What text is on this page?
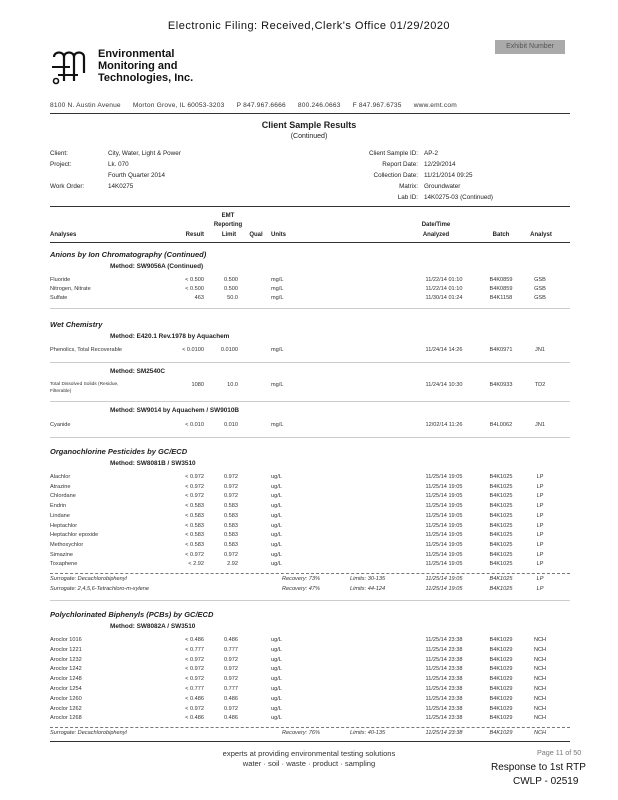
Electronic Filing: Received,Clerk's Office 01/29/2020
Exhibit Number
Environmental
Monitoring and
Technologies, Inc.
8100 N. Austin Avenue Morton Grove, IL 60053-3203 P 847.967.6666 800.246.0663 F 847.967.6735 www.emt.com
Client Sample Results
(Continued)
Client:	City, Water, Light & Power
Project:	Lk. 070
Fourth Quarter 2014
Work Order:	14K0275
Client Sample ID: AP-2
Report Date: 12/29/2014
Collection Date: 11/21/2014 09:25
Matrix: Groundwater
Lab ID: 14K0275-03 (Continued)
EMT
Reporting	Date/Time
Analyses	Result	Limit	Qual	Units	Analyzed	Batch	Analyst
Anions by Ion Chromatography (Continued)
Method: SW9056A (Continued)
Fluoride	< 0.500	0.500	mg/L	11/22/14 01:10	B4K0859	GSB
Nitrogen, Nitrate	< 0.500	0.500	mg/L	11/22/14 01:10	B4K0859	GSB
Sulfate	463	50.0	mg/L	11/30/14 01:24	B4K1158	GSB
Wet Chemistry
Method: E420.1 Rev.1978 by Aquachem
Phenolics, Total Recoverable	< 0.0100	0.0100	mg/L	11/24/14 14:26	B4K0971	JN1
Method: SM2540C
Total Dissolved Solids (Residue,
Filterable)
1080	10.0	mg/L	11/24/14 10:30	B4K0933	TD2
Method: SW9014 by Aquachem / SW9010B
Cyanide	< 0.010	0.010	mg/L	12/02/14 11:26	B4L0062	JN1
Organochlorine Pesticides by GC/ECD
Method: SW8081B / SW3510
Alachlor	< 0.972	0.972	ug/L	11/25/14 19:05	B4K1025	LP
Atrazine	< 0.972	0.972	ug/L	11/25/14 19:05	B4K1025	LP
Chlordane	< 0.972	0.972	ug/L	11/25/14 19:05	B4K1025	LP
Endrin	< 0.583	0.583	ug/L	11/25/14 19:05	B4K1025	LP
Lindane	< 0.583	0.583	ug/L	11/25/14 19:05	B4K1025	LP
Heptachlor	< 0.583	0.583	ug/L	11/25/14 19:05	B4K1025	LP
Heptachlor epoxide	< 0.583	0.583	ug/L	11/25/14 19:05	B4K1025	LP
Methoxychlor	< 0.583	0.583	ug/L	11/25/14 19:05	B4K1025	LP
Simazine	< 0.972	0.972	ug/L	11/25/14 19:05	B4K1025	LP
Toxaphene	< 2.92	2.92	ug/L	11/25/14 19:05	B4K1025	LP
Surrogate: Decachlorobiphenyl	Recovery: 73%	Limits: 30-135	11/25/14 19:05	B4K1025	LP
Surrogate: 2,4,5,6-Tetrachloro-m-xylene	Recovery: 47%	Limits: 44-124	11/25/14 19:05	B4K1025	LP
Polychlorinated Biphenyls (PCBs) by GC/ECD
Method: SW8082A / SW3510
Aroclor 1016	< 0.486	0.486	ug/L	11/25/14 23:38	B4K1029	NCH
Aroclor 1221	< 0.777	0.777	ug/L	11/25/14 23:38	B4K1029	NCH
Aroclor 1232	< 0.972	0.972	ug/L	11/25/14 23:38	B4K1029	NCH
Aroclor 1242	< 0.972	0.972	ug/L	11/25/14 23:38	B4K1029	NCH
Aroclor 1248	< 0.972	0.972	ug/L	11/25/14 23:38	B4K1029	NCH
Aroclor 1254	< 0.777	0.777	ug/L	11/25/14 23:38	B4K1029	NCH
Aroclor 1260	< 0.486	0.486	ug/L	11/25/14 23:38	B4K1029	NCH
Aroclor 1262	< 0.972	0.972	ug/L	11/25/14 23:38	B4K1029	NCH
Aroclor 1268	< 0.486	0.486	ug/L	11/25/14 23:38	B4K1029	NCH
Surrogate: Decachlorobiphenyl	Recovery: 76%	Limits: 40-135	11/25/14 23:38	B4K1029	NCH
experts at providing environmental testing solutions
water · soil · waste · product · sampling
Page 11 of 50
Response to 1st RTP
CWLP - 02519
